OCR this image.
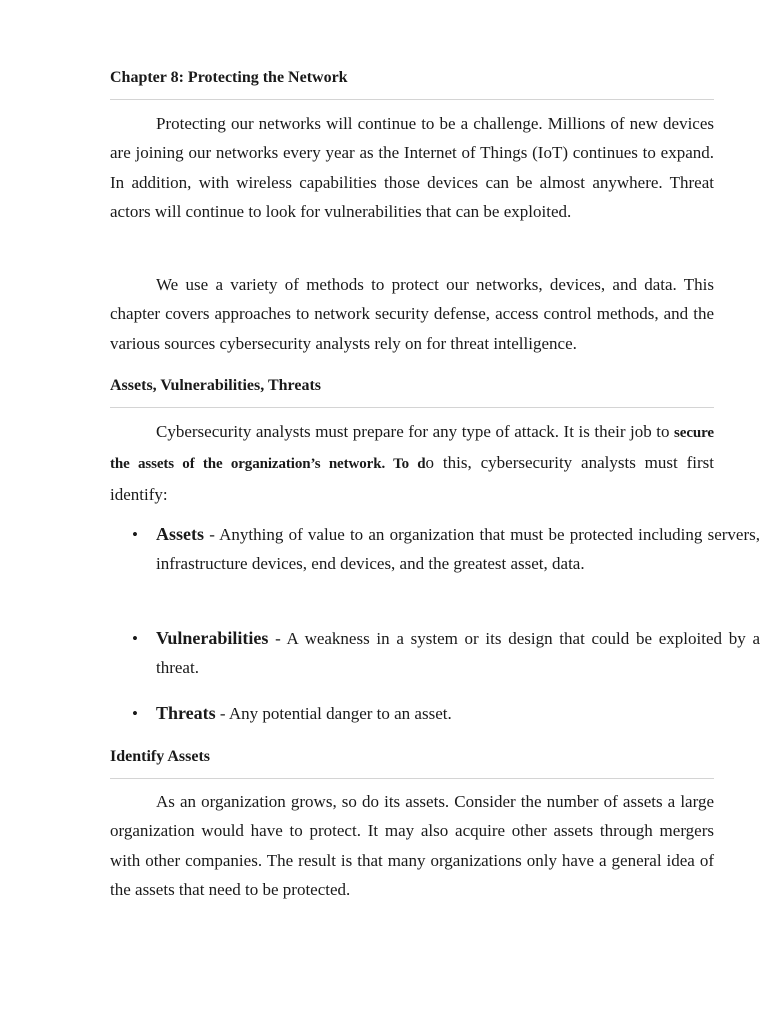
Chapter 8: Protecting the Network

Protecting our networks will continue to be a challenge. Millions of new devices are joining our networks every year as the Internet of Things (IoT) continues to expand. In addition, with wireless capabilities those devices can be almost anywhere. Threat actors will continue to look for vulnerabilities that can be exploited.

We use a variety of methods to protect our networks, devices, and data. This chapter covers approaches to network security defense, access control methods, and the various sources cybersecurity analysts rely on for threat intelligence.

Assets, Vulnerabilities, Threats

Cybersecurity analysts must prepare for any type of attack. It is their job to secure the assets of the organization’s network. To do this, cybersecurity analysts must first identify:

• Assets - Anything of value to an organization that must be protected including servers, infrastructure devices, end devices, and the greatest asset, data.
• Vulnerabilities - A weakness in a system or its design that could be exploited by a threat.
• Threats - Any potential danger to an asset.
Identify Assets

As an organization grows, so do its assets. Consider the number of assets a large organization would have to protect. It may also acquire other assets through mergers with other companies. The result is that many organizations only have a general idea of the assets that need to be protected.
